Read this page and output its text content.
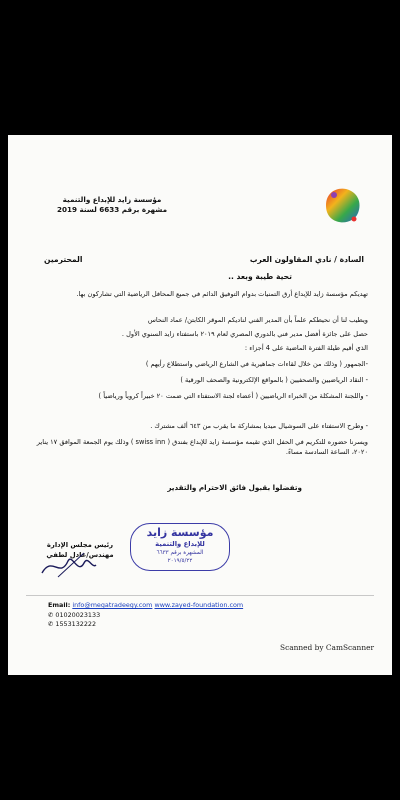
مؤسسة زايد للإبداع والتنمية
مشهرة برقم 6633 لسنة 2019
السادة / نادي المقاولون العرب
المحترمين
تحية طيبة وبعد ..
تهديكم مؤسسة زايد للإبداع أرق التمنيات بدوام التوفيق الدائم في جميع المحافل الرياضية التي تشاركون بها.
ويطيب لنا أن نحيطكم علماً بأن المدير الفني لناديكم الموقر الكابتن/ عماد النحاس
حصل على جائزة أفضل مدير فني بالدوري المصري لعام ٢٠١٩ باستفتاء زايد السنوي الأول .
الذي أقيم طيلة الفترة الماضية على 4 أجزاء :
-الجمهور ( وذلك من خلال لقاءات جماهيرية في الشارع الرياضي واستطلاع رأيهم )
- النقاد الرياضيين والصحفيين ( بالمواقع الإلكترونية والصحف الورقية )
- واللجنة المشكلة من الخبراء الرياضيين ( أعضاء لجنة الاستفتاء التي ضمت ٢٠ خبيراً كروياً ورياضياً )
- وطرح الاستفتاء على السوشيال ميديا بمشاركة ما يقرب من ٦٤٣ ألف مشترك .
ويسرنا حضوره للتكريم في الحفل الذي تقيمه مؤسسة زايد للإبداع بفندق ( swiss inn ) وذلك يوم الجمعة الموافق ١٧ يناير ٢٠٢٠، الساعة السادسة مساءً.
وتفضلوا بقبول فائق الاحترام والتقدير
رئيس مجلس الإدارة
مهندس/عادل لطفي
مؤسسة زايد
للإبداع والتنمية
المشهرة برقم ٦٦٣٣
٢٠١٩/٥/٢٢
Email: info@megatradeegy.com www.zayed-foundation.com
✆ 01020023133
✆ 1553132222
Scanned by CamScanner
